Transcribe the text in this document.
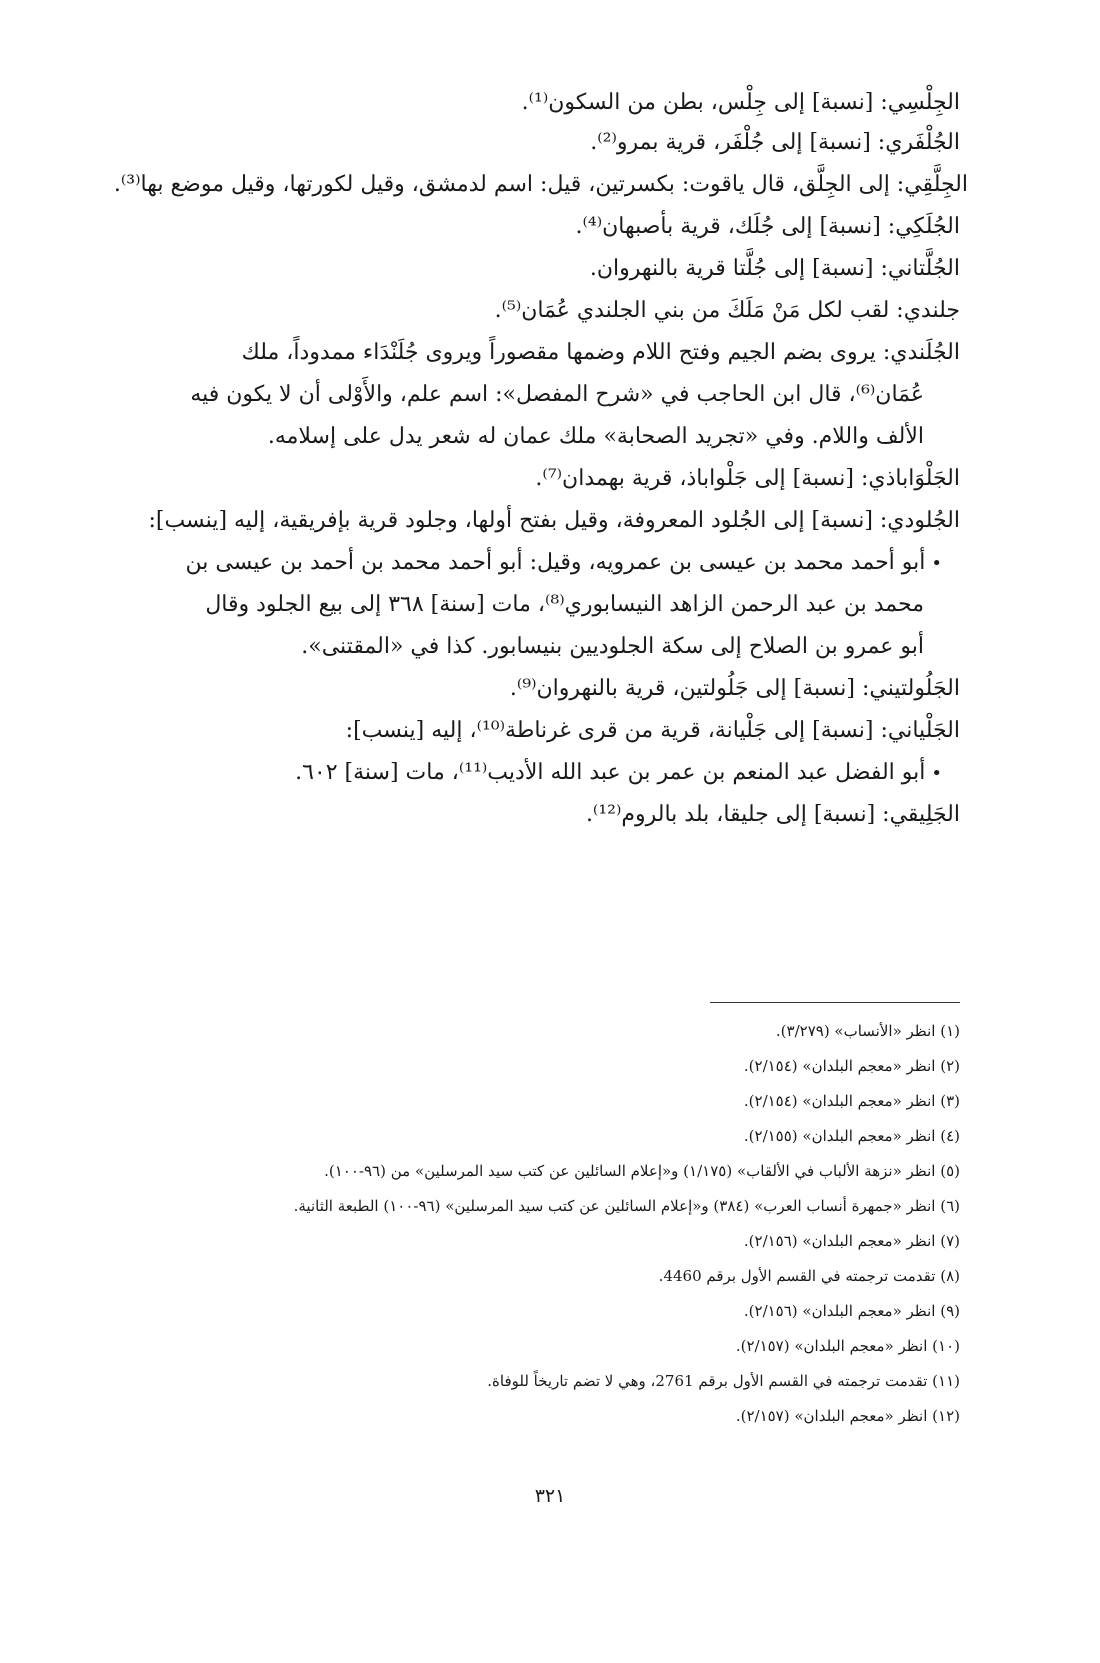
الجِلْسِي: [نسبة] إلى جِلْس، بطن من السكون⁽¹⁾.
الجُلْفَري: [نسبة] إلى جُلْفَر، قرية بمرو⁽²⁾.
الجِلَّقِي: إلى الجِلَّق، قال ياقوت: بكسرتين، قيل: اسم لدمشق، وقيل لكورتها، وقيل موضع بها⁽³⁾.
الجُلَكِي: [نسبة] إلى جُلَك، قرية بأصبهان⁽⁴⁾.
الجُلَّتاني: [نسبة] إلى جُلَّتا قرية بالنهروان.
جلندي: لقب لكل مَنْ مَلَكَ من بني الجلندي عُمَان⁽⁵⁾.
الجُلَندي: يروى بضم الجيم وفتح اللام وضمها مقصوراً ويروى جُلَنْدَاء ممدوداً، ملك
عُمَان⁽⁶⁾، قال ابن الحاجب في «شرح المفصل»: اسم علم، والأَوْلى أن لا يكون فيه
الألف واللام. وفي «تجريد الصحابة» ملك عمان له شعر يدل على إسلامه.
الجَلْوَاباذي: [نسبة] إلى جَلْواباذ، قرية بهمدان⁽⁷⁾.
الجُلودي: [نسبة] إلى الجُلود المعروفة، وقيل بفتح أولها، وجلود قرية بإفريقية، إليه [ينسب]:
•أبو أحمد محمد بن عيسى بن عمرويه، وقيل: أبو أحمد محمد بن أحمد بن عيسى بن
محمد بن عبد الرحمن الزاهد النيسابوري⁽⁸⁾، مات [سنة] ٣٦٨ إلى بيع الجلود وقال
أبو عمرو بن الصلاح إلى سكة الجلوديين بنيسابور. كذا في «المقتنى».
الجَلُولتيني: [نسبة] إلى جَلُولتين، قرية بالنهروان⁽⁹⁾.
الجَلْياني: [نسبة] إلى جَلْيانة، قرية من قرى غرناطة⁽¹⁰⁾، إليه [ينسب]:
•أبو الفضل عبد المنعم بن عمر بن عبد الله الأديب⁽¹¹⁾، مات [سنة] ٦٠٢.
الجَلِيقي: [نسبة] إلى جليقا، بلد بالروم⁽¹²⁾.
(١) انظر «الأنساب» (٣/٢٧٩).
(٢) انظر «معجم البلدان» (٢/١٥٤).
(٣) انظر «معجم البلدان» (٢/١٥٤).
(٤) انظر «معجم البلدان» (٢/١٥٥).
(٥) انظر «نزهة الألباب في الألقاب» (١/١٧٥) و«إعلام السائلين عن كتب سيد المرسلين» من (٩٦-١٠٠).
(٦) انظر «جمهرة أنساب العرب» (٣٨٤) و«إعلام السائلين عن كتب سيد المرسلين» (٩٦-١٠٠) الطبعة الثانية.
(٧) انظر «معجم البلدان» (٢/١٥٦).
(٨) تقدمت ترجمته في القسم الأول برقم 4460.
(٩) انظر «معجم البلدان» (٢/١٥٦).
(١٠) انظر «معجم البلدان» (٢/١٥٧).
(١١) تقدمت ترجمته في القسم الأول برقم 2761، وهي لا تضم تاريخاً للوفاة.
(١٢) انظر «معجم البلدان» (٢/١٥٧).
٣٢١
